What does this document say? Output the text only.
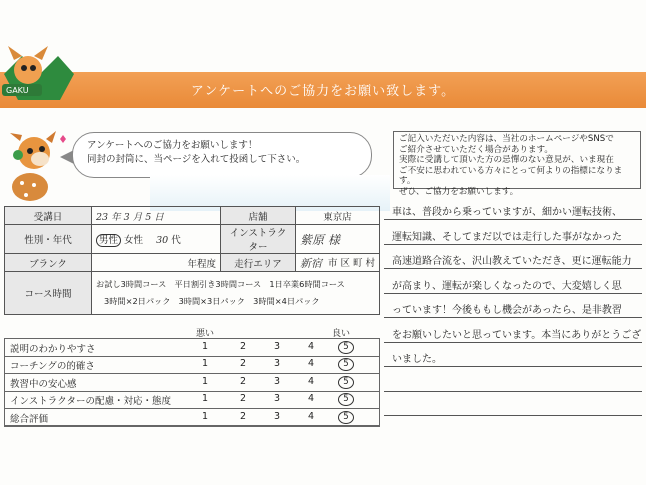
アンケートへのご協力をお願い致します。
GAKU
アンケートへのご協力をお願いします！
同封の封筒に、当ページを入れて投函して下さい。
ご記入いただいた内容は、当社のホームページやSNSで
ご紹介させていただく場合があります。
実際に受講して頂いた方の忌憚のない意見が、いま現在
ご不安に思われている方々にとって何よりの指標になります。
ぜひ、ご協力をお願いします。
受講日	23 年 3 月 5 日	店舗	東京店
性別・年代	男性 女性 30 代	インストラクター	紫原 様
ブランク	年程度	走行エリア	新宿 市 区 町 村

コース時間	お試し3時間コース　平日割引き3時間コース　1日卒業6時間コース
3時間×2日パック　3時間×3日パック　3時間×4日パック		
悪い	良い
説明のわかりやすさ	1	2	3	4	5
コーチングの的確さ	1	2	3	4	5
教習中の安心感	1	2	3	4	5
インストラクターの配慮・対応・態度	1	2	3	4	5
総合評価	1	2	3	4	5
車は、普段から乗っていますが、細かい運転技術、
運転知識、そしてまだ以では走行した事がなかった
高速道路合流を、沢山教えていただき、更に運転能力
が高まり、運転が楽しくなったので、大変嬉しく思
っています！今後ももし機会があったら、是非教習
をお願いしたいと思っています。本当にありがとうござ
いました。
